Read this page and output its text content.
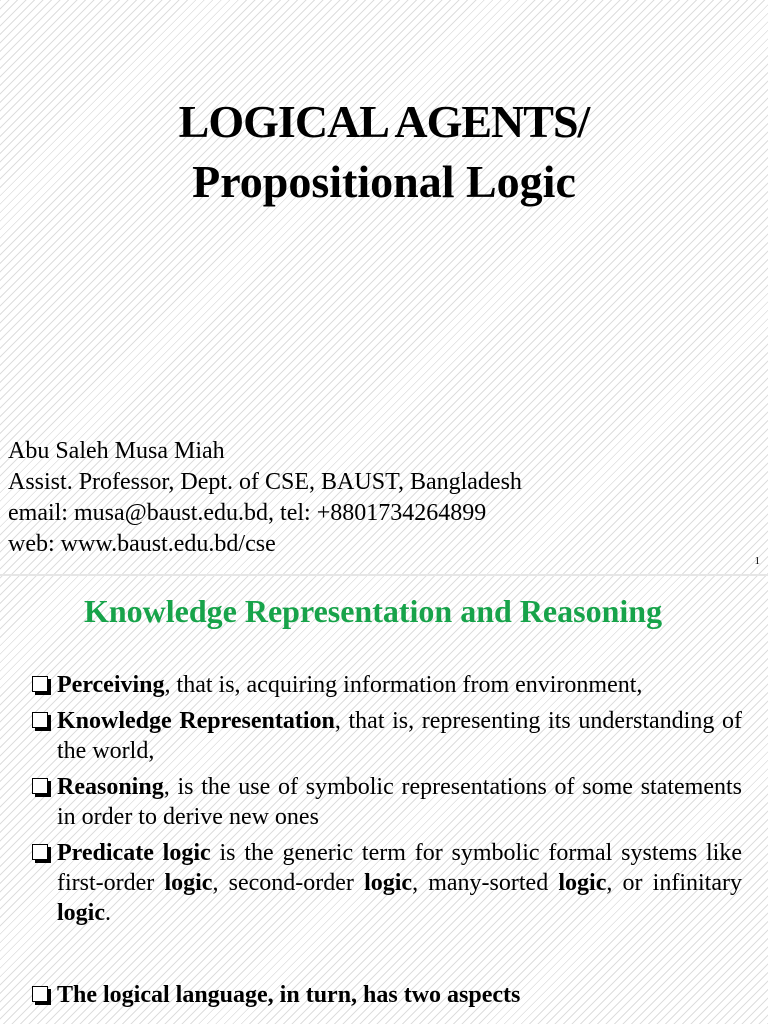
LOGICAL AGENTS/
Propositional Logic
Abu Saleh Musa Miah
Assist. Professor, Dept. of CSE, BAUST, Bangladesh
email: musa@baust.edu.bd, tel: +8801734264899
web: www.baust.edu.bd/cse
1
Knowledge Representation and Reasoning
Perceiving, that is, acquiring information from environment,
Knowledge Representation, that is, representing its understanding of the world,
Reasoning, is the use of symbolic representations of some statements in order to derive new ones
Predicate logic is the generic term for symbolic formal systems like first-order logic, second-order logic, many-sorted logic, or infinitary logic.
The logical language, in turn, has two aspects
